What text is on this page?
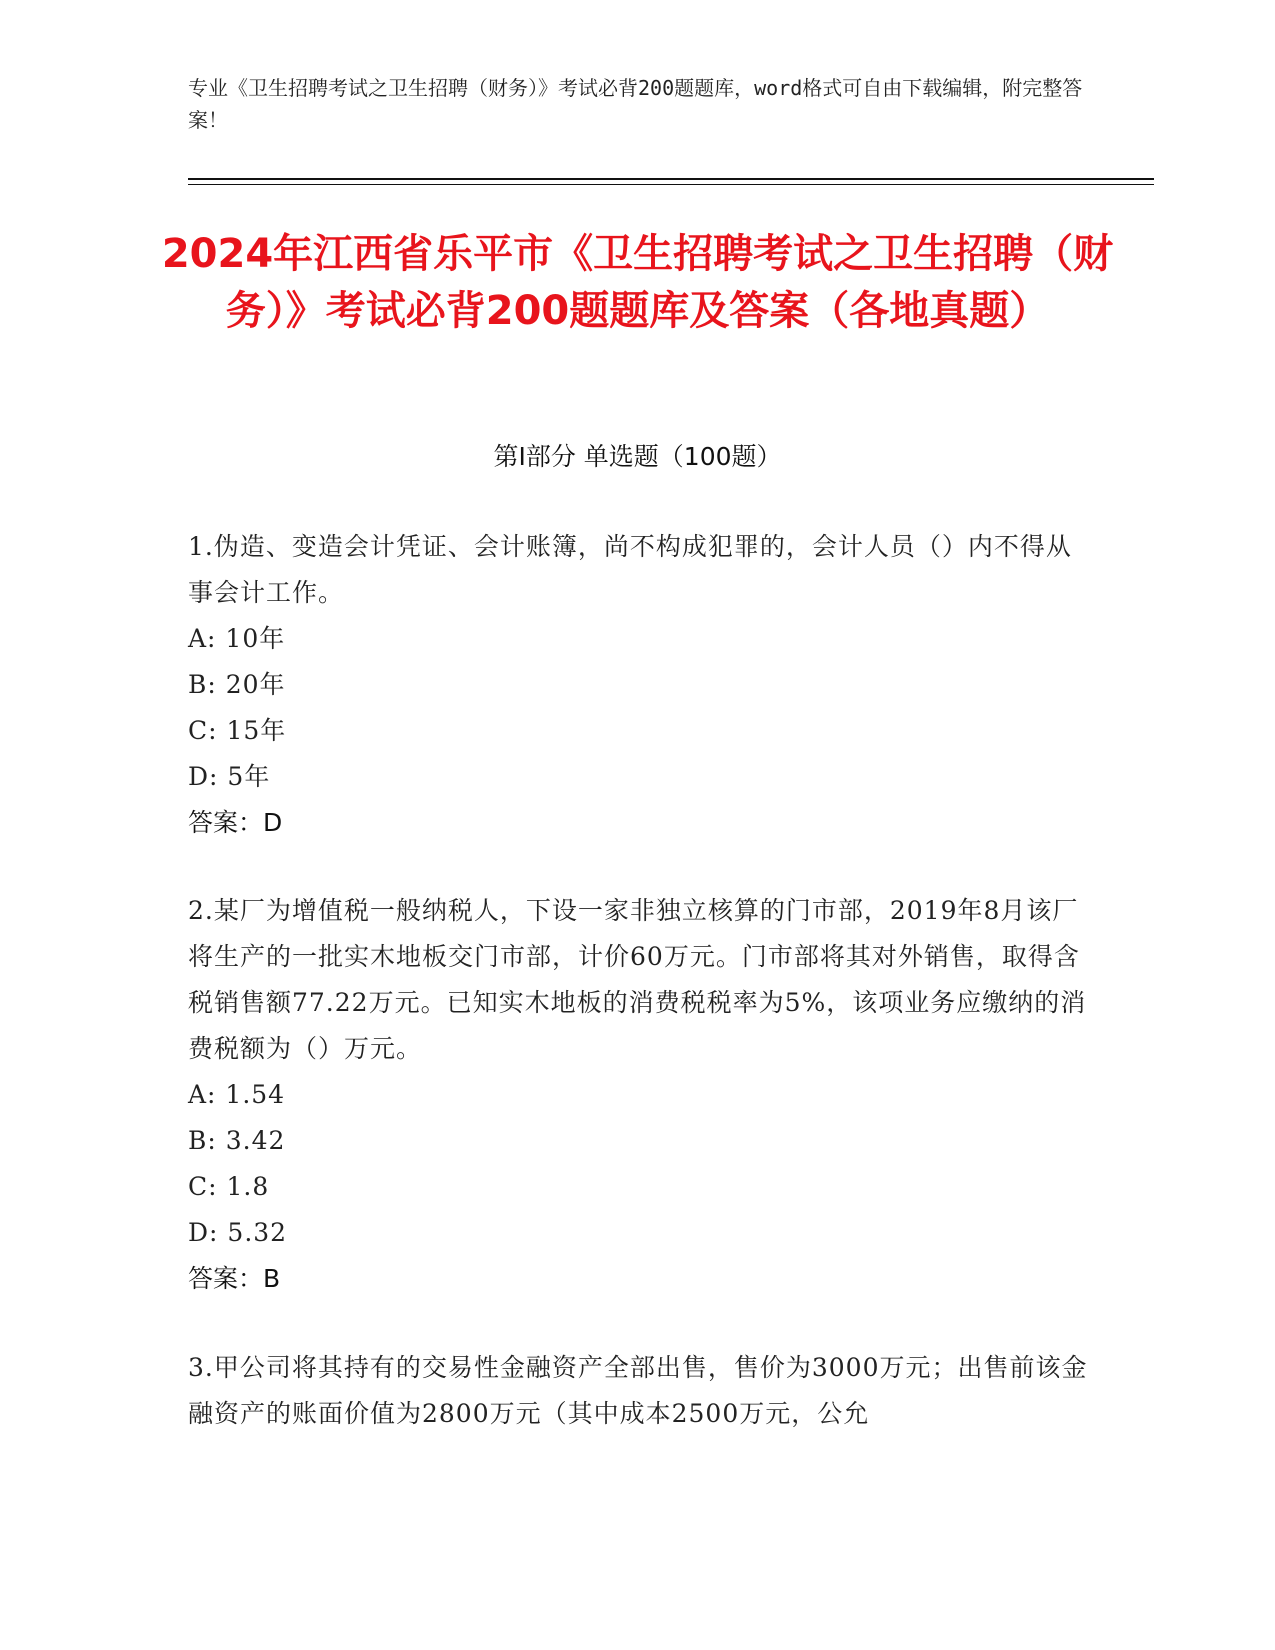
专业《卫生招聘考试之卫生招聘（财务）》考试必背200题题库，word格式可自由下载编辑，附完整答案！
2024年江西省乐平市《卫生招聘考试之卫生招聘（财务）》考试必背200题题库及答案（各地真题）
第Ⅰ部分 单选题（100题）

1.伪造、变造会计凭证、会计账簿，尚不构成犯罪的，会计人员（）内不得从事会计工作。

A: 10年

B: 20年

C: 15年

D: 5年

答案：D

2.某厂为增值税一般纳税人，下设一家非独立核算的门市部，2019年8月该厂将生产的一批实木地板交门市部，计价60万元。门市部将其对外销售，取得含税销售额77.22万元。已知实木地板的消费税税率为5%，该项业务应缴纳的消费税额为（）万元。

A: 1.54

B: 3.42

C: 1.8

D: 5.32

答案：B

3.甲公司将其持有的交易性金融资产全部出售，售价为3000万元；出售前该金融资产的账面价值为2800万元（其中成本2500万元，公允
